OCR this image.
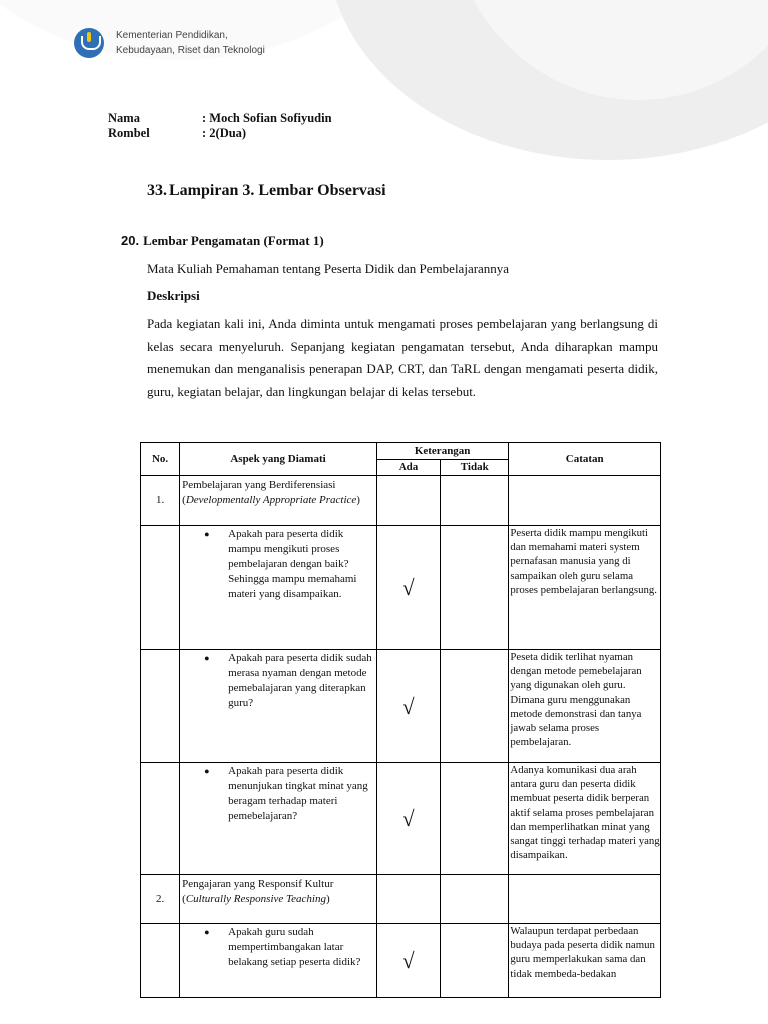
Kementerian Pendidikan,
Kebudayaan, Riset dan Teknologi
Nama	: Moch Sofian Sofiyudin
Rombel	: 2(Dua)
33. Lampiran 3. Lembar Observasi
20. Lembar Pengamatan (Format 1)
Mata Kuliah Pemahaman tentang Peserta Didik dan Pembelajarannya
Deskripsi
Pada kegiatan kali ini, Anda diminta untuk mengamati proses pembelajaran yang berlangsung di kelas secara menyeluruh. Sepanjang kegiatan pengamatan tersebut, Anda diharapkan mampu menemukan dan menganalisis penerapan DAP, CRT, dan TaRL dengan mengamati peserta didik, guru, kegiatan belajar, dan lingkungan belajar di kelas tersebut.
No.	Aspek yang Diamati	Keterangan		Catatan
		Ada	Tidak	
1.	Pembelajaran yang Berdiferensiasi (Developmentally Appropriate Practice)			

	● Apakah para peserta didik mampu mengikuti proses pembelajaran dengan baik? Sehingga mampu memahami materi yang disampaikan.	√		Peserta didik mampu mengikuti dan memahami materi system pernafasan manusia yang di sampaikan oleh guru selama proses pembelajaran berlangsung.

	● Apakah para peserta didik sudah merasa nyaman dengan metode pemebalajaran yang diterapkan guru?	√		Peseta didik terlihat nyaman dengan metode pemebelajaran yang digunakan oleh guru. Dimana guru menggunakan metode demonstrasi dan tanya jawab selama proses pembelajaran.

	● Apakah para peserta didik menunjukan tingkat minat yang beragam terhadap materi pemebelajaran?	√		Adanya komunikasi dua arah antara guru dan peserta didik membuat peserta didik berperan aktif selama proses pembelajaran dan memperlihatkan minat yang sangat tinggi terhadap materi yang disampaikan.
2.	Pengajaran yang Responsif Kultur (Culturally Responsive Teaching)			

	● Apakah guru sudah mempertimbangakan latar belakang setiap peserta didik?	√		Walaupun terdapat perbedaan budaya pada peserta didik namun guru memperlakukan sama dan tidak membeda-bedakan
